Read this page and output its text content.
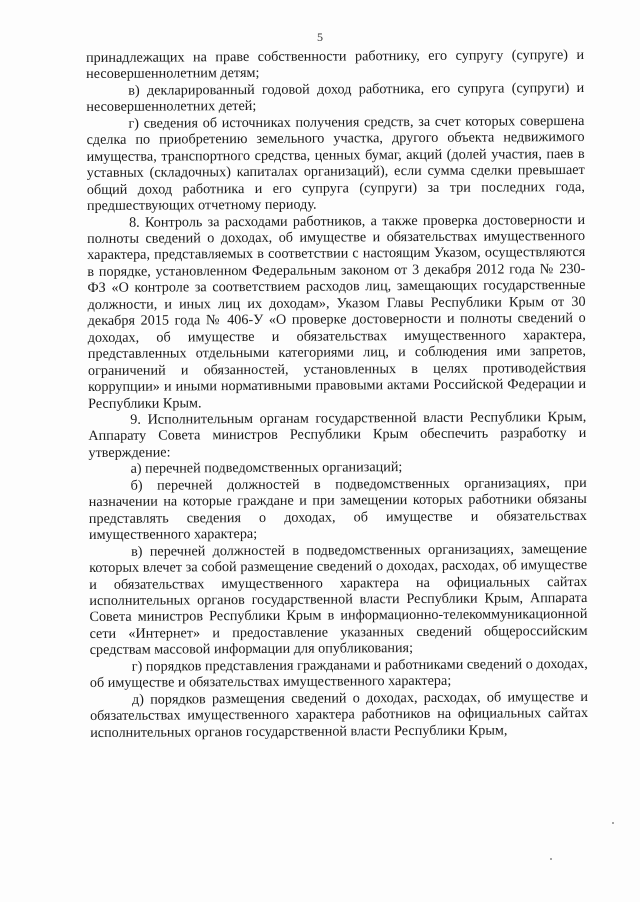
5

принадлежащих на праве собственности работнику, его супругу (супруге) и несовершеннолетним детям;

в) декларированный годовой доход работника, его супруга (супруги) и несовершеннолетних детей;

г) сведения об источниках получения средств, за счет которых совершена сделка по приобретению земельного участка, другого объекта недвижимого имущества, транспортного средства, ценных бумаг, акций (долей участия, паев в уставных (складочных) капиталах организаций), если сумма сделки превышает общий доход работника и его супруга (супруги) за три последних года, предшествующих отчетному периоду.

8. Контроль за расходами работников, а также проверка достоверности и полноты сведений о доходах, об имуществе и обязательствах имущественного характера, представляемых в соответствии с настоящим Указом, осуществляются в порядке, установленном Федеральным законом от 3 декабря 2012 года № 230-ФЗ «О контроле за соответствием расходов лиц, замещающих государственные должности, и иных лиц их доходам», Указом Главы Республики Крым от 30 декабря 2015 года № 406-У «О проверке достоверности и полноты сведений о доходах, об имуществе и обязательствах имущественного характера, представленных отдельными категориями лиц, и соблюдения ими запретов, ограничений и обязанностей, установленных в целях противодействия коррупции» и иными нормативными правовыми актами Российской Федерации и Республики Крым.

9. Исполнительным органам государственной власти Республики Крым, Аппарату Совета министров Республики Крым обеспечить разработку и утверждение:

а) перечней подведомственных организаций;

б) перечней должностей в подведомственных организациях, при назначении на которые граждане и при замещении которых работники обязаны представлять сведения о доходах, об имуществе и обязательствах имущественного характера;

в) перечней должностей в подведомственных организациях, замещение которых влечет за собой размещение сведений о доходах, расходах, об имуществе и обязательствах имущественного характера на официальных сайтах исполнительных органов государственной власти Республики Крым, Аппарата Совета министров Республики Крым в информационно-телекоммуникационной сети «Интернет» и предоставление указанных сведений общероссийским средствам массовой информации для опубликования;

г) порядков представления гражданами и работниками сведений о доходах, об имуществе и обязательствах имущественного характера;

д) порядков размещения сведений о доходах, расходах, об имуществе и обязательствах имущественного характера работников на официальных сайтах исполнительных органов государственной власти Республики Крым,
